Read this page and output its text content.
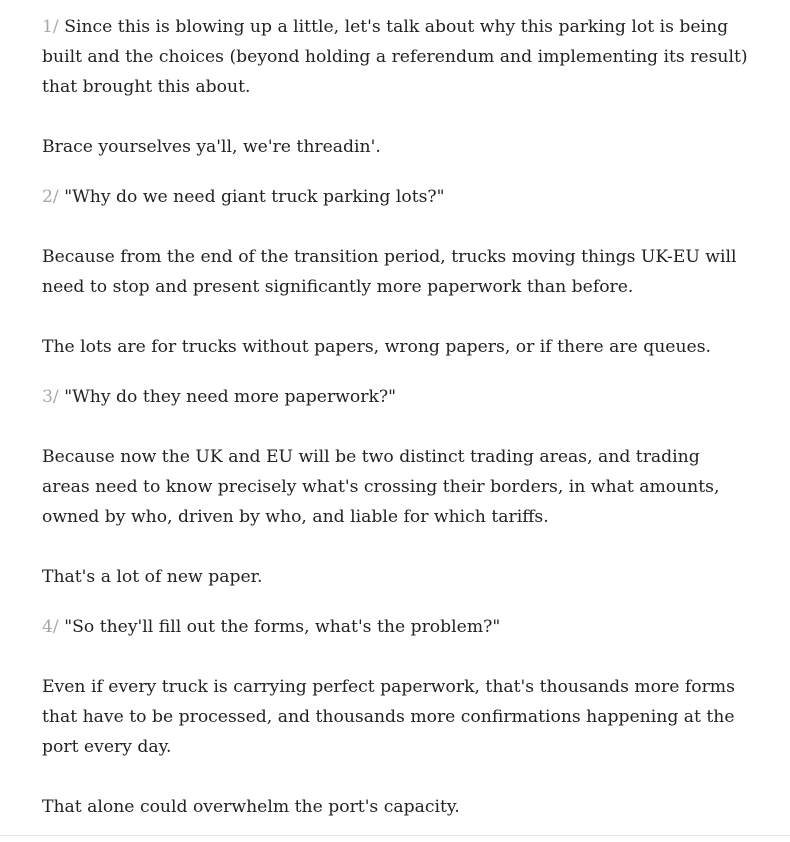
1/ Since this is blowing up a little, let's talk about why this parking lot is being built and the choices (beyond holding a referendum and implementing its result) that brought this about.

Brace yourselves ya'll, we're threadin'.

2/ "Why do we need giant truck parking lots?"

Because from the end of the transition period, trucks moving things UK-EU will need to stop and present significantly more paperwork than before.

The lots are for trucks without papers, wrong papers, or if there are queues.

3/ "Why do they need more paperwork?"

Because now the UK and EU will be two distinct trading areas, and trading areas need to know precisely what's crossing their borders, in what amounts, owned by who, driven by who, and liable for which tariffs.

That's a lot of new paper.

4/ "So they'll fill out the forms, what's the problem?"

Even if every truck is carrying perfect paperwork, that's thousands more forms that have to be processed, and thousands more confirmations happening at the port every day.

That alone could overwhelm the port's capacity.
